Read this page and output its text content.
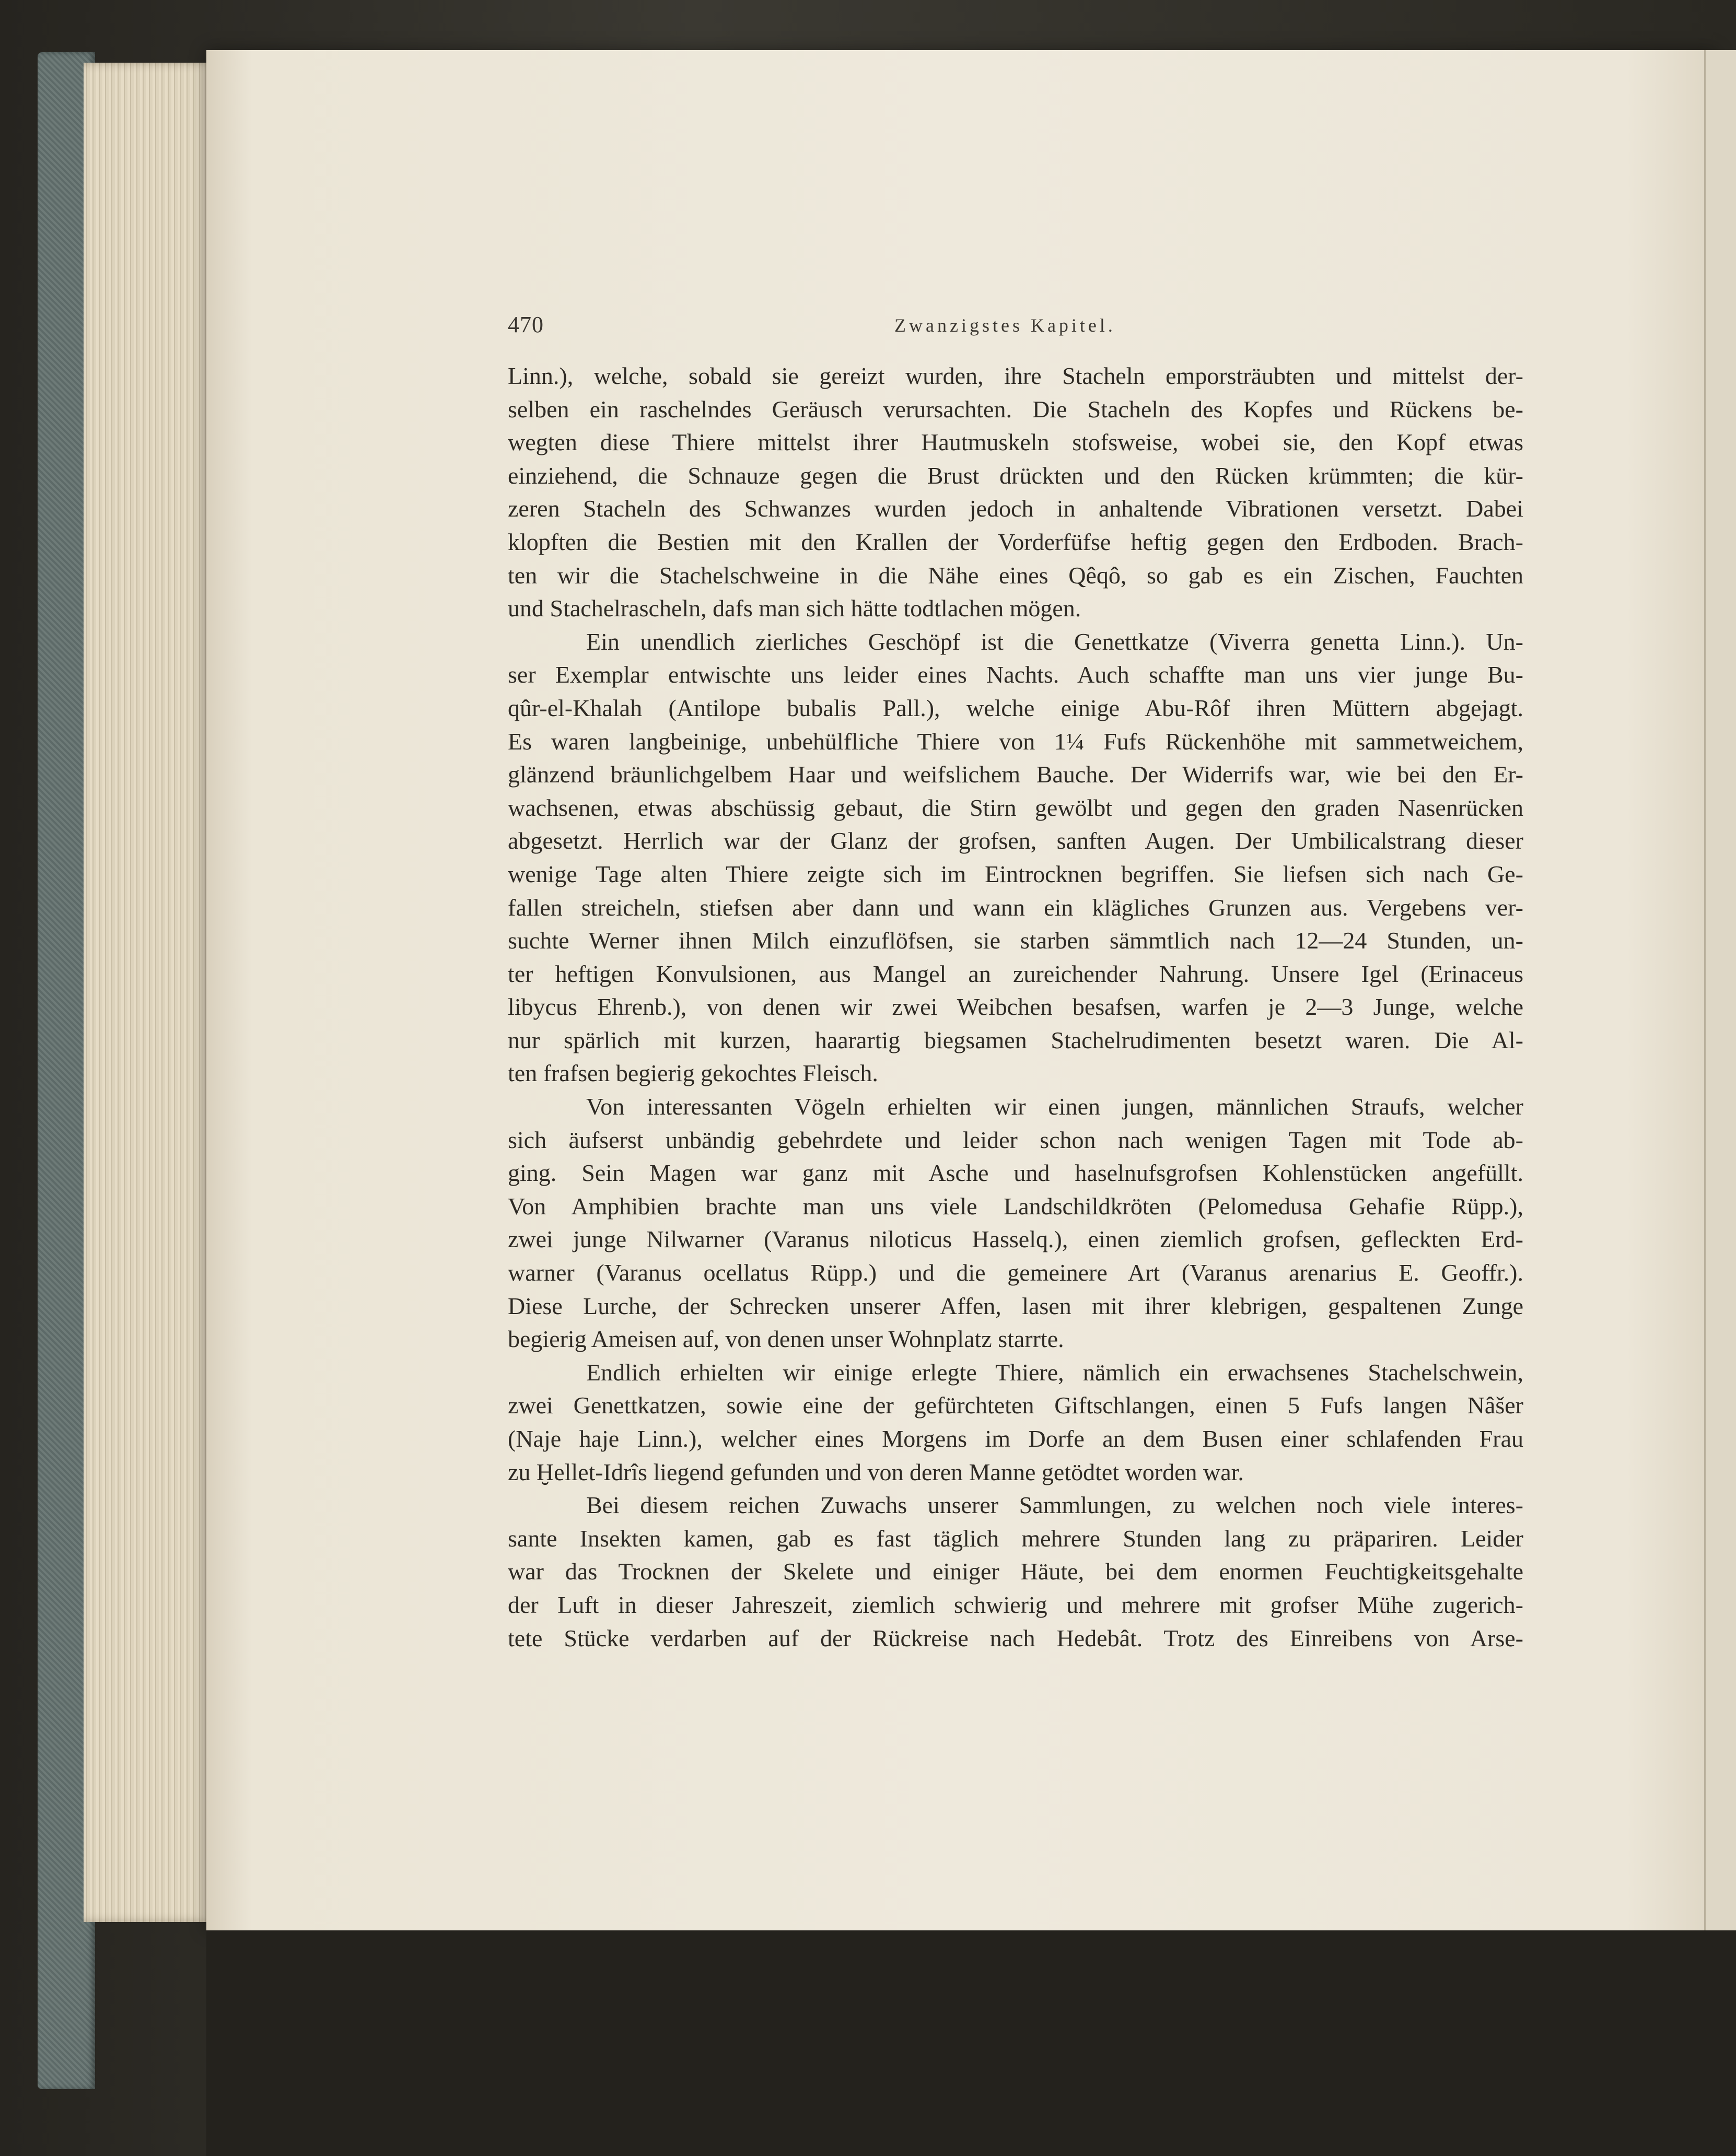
470	Zwanzigstes Kapitel.
Linn.), welche, sobald sie gereizt wurden, ihre Stacheln emporsträubten und mittelst der-
selben ein raschelndes Geräusch verursachten. Die Stacheln des Kopfes und Rückens be-
wegten diese Thiere mittelst ihrer Hautmuskeln stofsweise, wobei sie, den Kopf etwas
einziehend, die Schnauze gegen die Brust drückten und den Rücken krümmten; die kür-
zeren Stacheln des Schwanzes wurden jedoch in anhaltende Vibrationen versetzt. Dabei
klopften die Bestien mit den Krallen der Vorderfüfse heftig gegen den Erdboden. Brach-
ten wir die Stachelschweine in die Nähe eines Qêqô, so gab es ein Zischen, Fauchten
und Stachelrascheln, dafs man sich hätte todtlachen mögen.
Ein unendlich zierliches Geschöpf ist die Genettkatze (Viverra genetta Linn.). Un-
ser Exemplar entwischte uns leider eines Nachts. Auch schaffte man uns vier junge Bu-
qûr-el-Khalah (Antilope bubalis Pall.), welche einige Abu-Rôf ihren Müttern abgejagt.
Es waren langbeinige, unbehülfliche Thiere von 1¼ Fufs Rückenhöhe mit sammetweichem,
glänzend bräunlichgelbem Haar und weifslichem Bauche. Der Widerrifs war, wie bei den Er-
wachsenen, etwas abschüssig gebaut, die Stirn gewölbt und gegen den graden Nasenrücken
abgesetzt. Herrlich war der Glanz der grofsen, sanften Augen. Der Umbilicalstrang dieser
wenige Tage alten Thiere zeigte sich im Eintrocknen begriffen. Sie liefsen sich nach Ge-
fallen streicheln, stiefsen aber dann und wann ein klägliches Grunzen aus. Vergebens ver-
suchte Werner ihnen Milch einzuflöfsen, sie starben sämmtlich nach 12—24 Stunden, un-
ter heftigen Konvulsionen, aus Mangel an zureichender Nahrung. Unsere Igel (Erinaceus
libycus Ehrenb.), von denen wir zwei Weibchen besafsen, warfen je 2—3 Junge, welche
nur spärlich mit kurzen, haarartig biegsamen Stachelrudimenten besetzt waren. Die Al-
ten frafsen begierig gekochtes Fleisch.
Von interessanten Vögeln erhielten wir einen jungen, männlichen Straufs, welcher
sich äufserst unbändig gebehrdete und leider schon nach wenigen Tagen mit Tode ab-
ging. Sein Magen war ganz mit Asche und haselnufsgrofsen Kohlenstücken angefüllt.
Von Amphibien brachte man uns viele Landschildkröten (Pelomedusa Gehafie Rüpp.),
zwei junge Nilwarner (Varanus niloticus Hasselq.), einen ziemlich grofsen, gefleckten Erd-
warner (Varanus ocellatus Rüpp.) und die gemeinere Art (Varanus arenarius E. Geoffr.).
Diese Lurche, der Schrecken unserer Affen, lasen mit ihrer klebrigen, gespaltenen Zunge
begierig Ameisen auf, von denen unser Wohnplatz starrte.
Endlich erhielten wir einige erlegte Thiere, nämlich ein erwachsenes Stachelschwein,
zwei Genettkatzen, sowie eine der gefürchteten Giftschlangen, einen 5 Fufs langen Nâšer
(Naje haje Linn.), welcher eines Morgens im Dorfe an dem Busen einer schlafenden Frau
zu Ḫellet-Idrîs liegend gefunden und von deren Manne getödtet worden war.
Bei diesem reichen Zuwachs unserer Sammlungen, zu welchen noch viele interes-
sante Insekten kamen, gab es fast täglich mehrere Stunden lang zu präpariren. Leider
war das Trocknen der Skelete und einiger Häute, bei dem enormen Feuchtigkeitsgehalte
der Luft in dieser Jahreszeit, ziemlich schwierig und mehrere mit grofser Mühe zugerich-
tete Stücke verdarben auf der Rückreise nach Hedebât. Trotz des Einreibens von Arse-
